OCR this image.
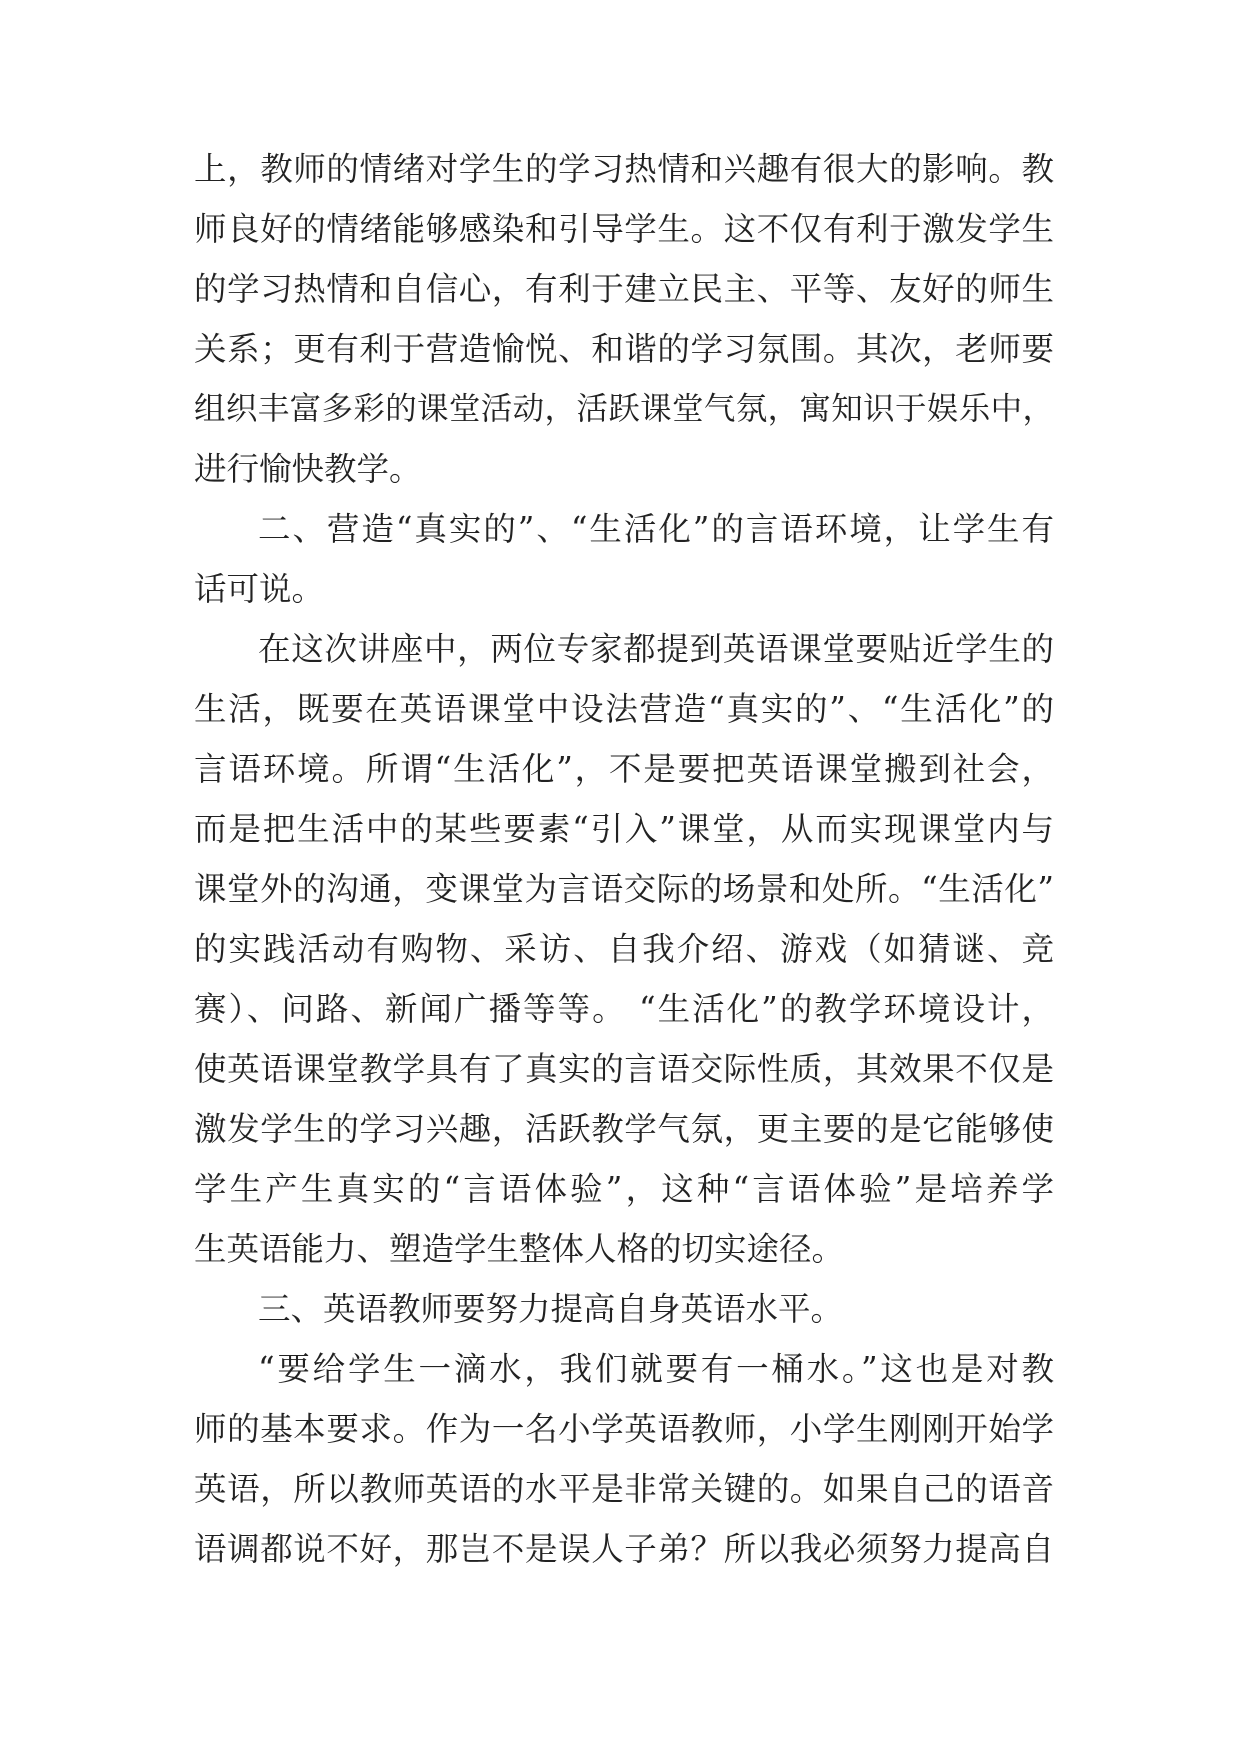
上，教师的情绪对学生的学习热情和兴趣有很大的影响。教
师良好的情绪能够感染和引导学生。这不仅有利于激发学生
的学习热情和自信心，有利于建立民主、平等、友好的师生
关系；更有利于营造愉悦、和谐的学习氛围。其次，老师要
组织丰富多彩的课堂活动，活跃课堂气氛，寓知识于娱乐中，
进行愉快教学。
二、营造“真实的”、“生活化”的言语环境，让学生有
话可说。
在这次讲座中，两位专家都提到英语课堂要贴近学生的
生活，既要在英语课堂中设法营造“真实的”、“生活化”的
言语环境。所谓“生活化”，不是要把英语课堂搬到社会，
而是把生活中的某些要素“引入”课堂，从而实现课堂内与
课堂外的沟通，变课堂为言语交际的场景和处所。“生活化”
的实践活动有购物、采访、自我介绍、游戏（如猜谜、竞
赛）、问路、新闻广播等等。 “生活化”的教学环境设计，
使英语课堂教学具有了真实的言语交际性质，其效果不仅是
激发学生的学习兴趣，活跃教学气氛，更主要的是它能够使
学生产生真实的“言语体验”，这种“言语体验”是培养学
生英语能力、塑造学生整体人格的切实途径。
三、英语教师要努力提高自身英语水平。
“要给学生一滴水，我们就要有一桶水。”这也是对教
师的基本要求。作为一名小学英语教师，小学生刚刚开始学
英语，所以教师英语的水平是非常关键的。如果自己的语音
语调都说不好，那岂不是误人子弟？所以我必须努力提高自
